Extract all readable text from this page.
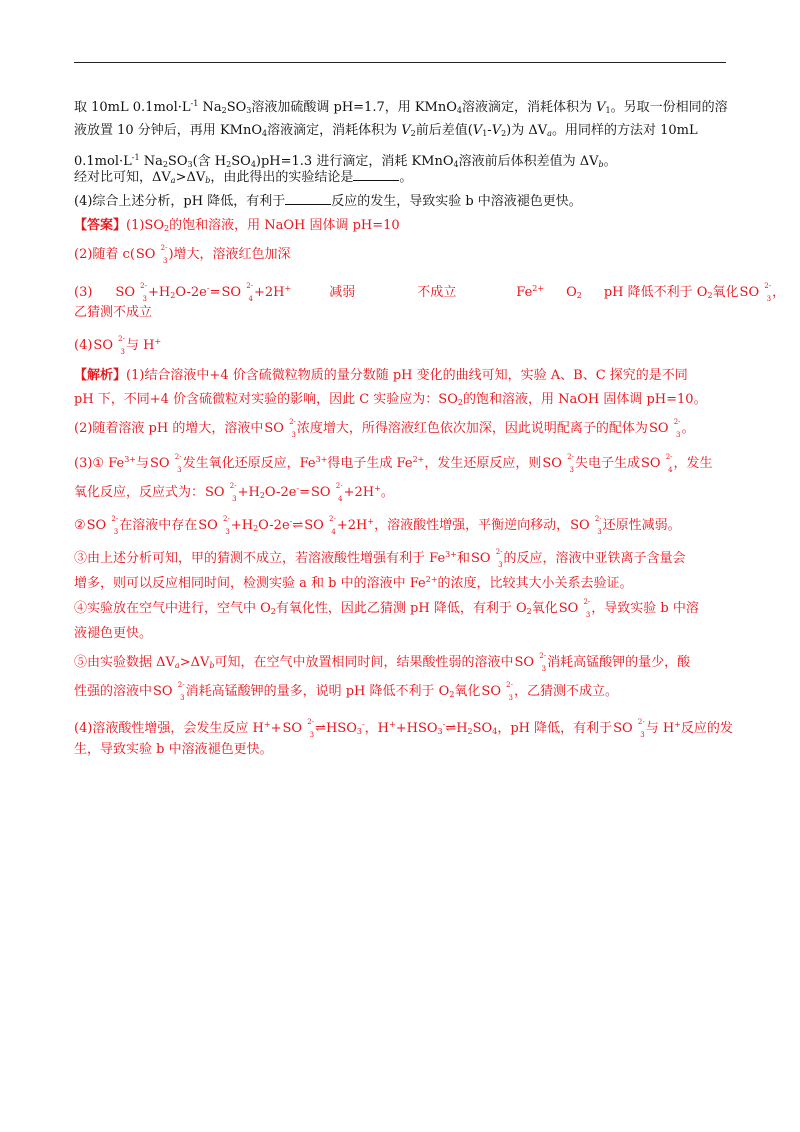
取 10mL $0.1mol\cdot L^{-1}$ $Na_2SO_3$溶液加硫酸调 pH=1.7，用 KMnO$_4$溶液滴定，消耗体积为 $V_1$。另取一份相同的溶
液放置 10 分钟后，再用 KMnO$_4$溶液滴定，消耗体积为 $V_2$前后差值$(V_1-V_2)$为 $\Delta V_a$。用同样的方法对 10mL
$0.1mol\cdot L^{-1}$ $Na_2SO_3$(含 $H_2SO_4)pH=1.3$ 进行滴定，消耗 KMnO$_4$溶液前后体积差值为 $\Delta V_b$。
经对比可知，$\Delta V_a>\Delta V_b$，由此得出的实验结论是	。
(4)综合上述分析，pH 降低，有利于	反应的发生，导致实验 b 中溶液褪色更快。
【答案】$(1)SO_2$的饱和溶液，用 NaOH 固体调 pH=10
(2)随着 c(SO 2-
3 )增大，溶液红色加深
(3) SO 2-
$3 +H_2O-2e^-=SO$ 2-
4 +2H+	减弱	不成立	$Fe^{2+}$ $O_2$ pH 降低不利于 $O_2$氧化SO 2-
3 ，
乙猜测不成立
(4)SO 2-
3 与 H+
【解析】(1)结合溶液中+4 价含硫微粒物质的量分数随 pH 变化的曲线可知，实验 A、B、C 探究的是不同
pH 下，不同+4 价含硫微粒对实验的影响，因此 C 实验应为：$SO_2$的饱和溶液，用 NaOH 固体调 pH=10。
(2)随着溶液 pH 的增大，溶液中SO 2-
3 浓度增大，所得溶液红色依次加深，因此说明配离子的配体为SO 2-
3 。
(3)① $Fe^{3+}$与SO 2-
3 发生氧化还原反应，$Fe^{3+}$得电子生成 $Fe^{2+}$，发生还原反应，则SO 2-
3 失电子生成SO 2-
4 ，发生
氧化反应，反应式为：SO 2-
$3 +H_2O-2e^-=SO$ 2-
4 +2H+。
②SO 2-
3 在溶液中存在SO 2-
$3 +H_2O-2e^-\rightleftharpoons SO$ 2-
4 +2H+，溶液酸性增强，平衡逆向移动，SO 2-
3 还原性减弱。
③由上述分析可知，甲的猜测不成立，若溶液酸性增强有利于 $Fe^{3+}$和SO 2-
3 的反应，溶液中亚铁离子含量会
增多，则可以反应相同时间，检测实验 a 和 b 中的溶液中 $Fe^{2+}$的浓度，比较其大小关系去验证。
④实验放在空气中进行，空气中 $O_2$有氧化性，因此乙猜测 pH 降低，有利于 $O_2$氧化SO 2-
3 ，导致实验 b 中溶
液褪色更快。
⑤由实验数据 $\Delta V_a>\Delta V_b$可知，在空气中放置相同时间，结果酸性弱的溶液中SO 2-
3 消耗高锰酸钾的量少，酸
性强的溶液中SO 2-
3 消耗高锰酸钾的量多，说明 pH 降低不利于 $O_2$氧化SO 2-
3 ，乙猜测不成立。
(4)溶液酸性增强，会发生反应 H++SO 2-
3 $\rightleftharpoons HSO_3^-$，$H^++HSO_3^-\rightleftharpoons H_2SO_4$，pH 降低，有利于SO 2-
3 与 H+反应的发
生，导致实验 b 中溶液褪色更快。
